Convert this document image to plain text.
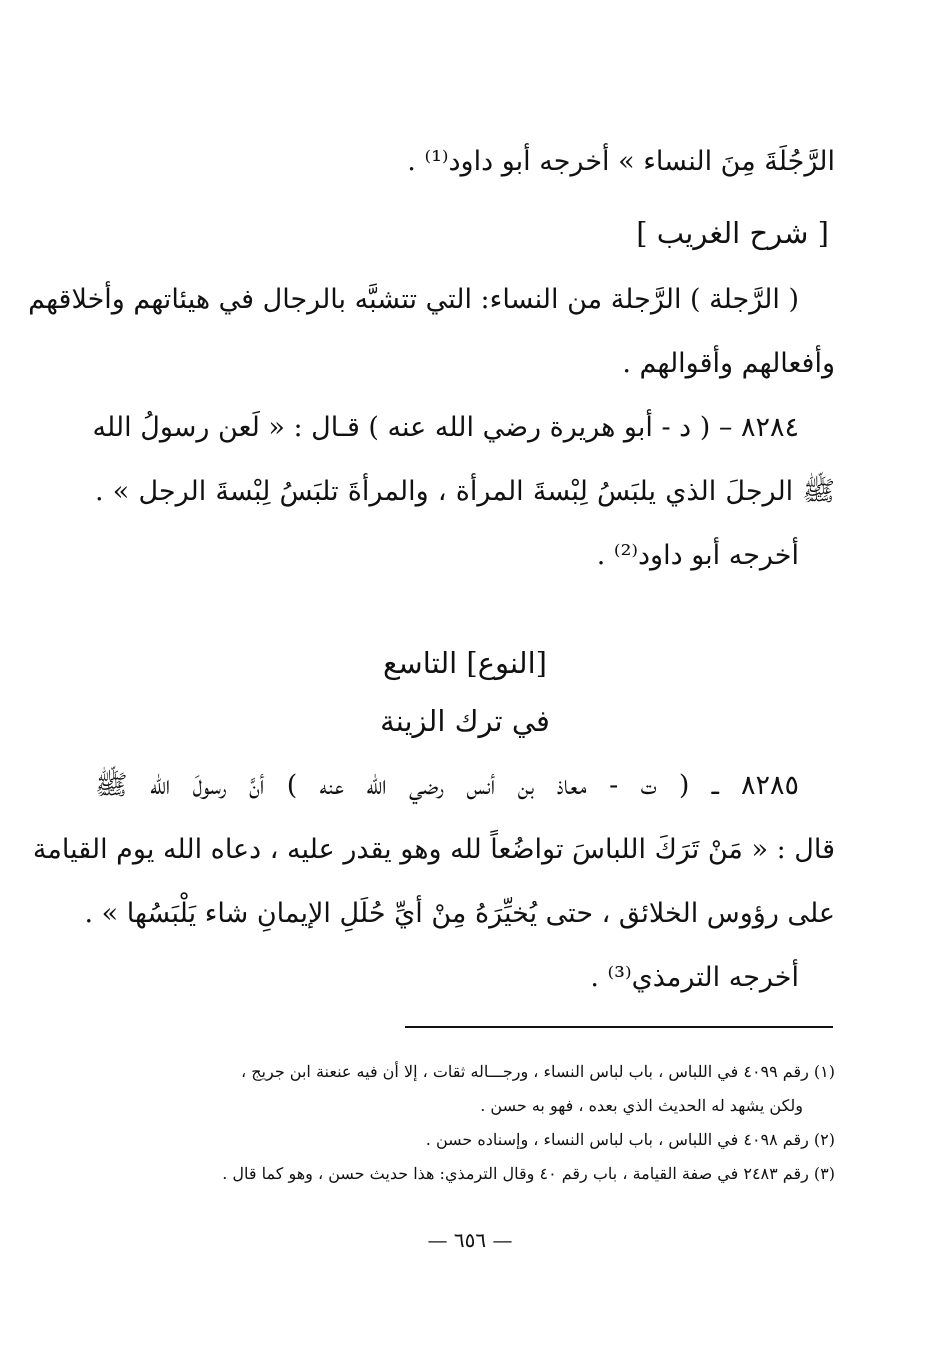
الرَّجُلَةَ مِنَ النساء » أخرجه أبو داود⁽¹⁾ .
[ شرح الغريب ]
( الرَّجلة ) الرَّجلة من النساء: التي تتشبَّه بالرجال في هيئاتهم وأخلاقهم
وأفعالهم وأقوالهم .
٨٢٨٤ – ( د - أبو هريرة رضي الله عنه ) قـال : « لَعن رسولُ الله
ﷺ الرجلَ الذي يلبَسُ لِبْسةَ المرأة ، والمرأةَ تلبَسُ لِبْسةَ الرجل » .
أخرجه أبو داود⁽²⁾ .
[النوع] التاسع
في ترك الزينة
٨٢٨٥ ــ ( ت - معاذ بن أنس رضي الله عنه ) أنَّ رسولَ الله ﷺ
قال : « مَنْ تَرَكَ اللباسَ تواضُعاً لله وهو يقدر عليه ، دعاه الله يوم القيامة
على رؤوس الخلائق ، حتى يُخيِّرَهُ مِنْ أيِّ حُلَلِ الإيمانِ شاء يَلْبَسُها » .
أخرجه الترمذي⁽³⁾ .
(١) رقم ٤٠٩٩ في اللباس ، باب لباس النساء ، ورجـــاله ثقات ، إلا أن فيه عنعنة ابن جريج ،
ولكن يشهد له الحديث الذي بعده ، فهو به حسن .
(٢) رقم ٤٠٩٨ في اللباس ، باب لباس النساء ، وإسناده حسن .
(٣) رقم ٢٤٨٣ في صفة القيامة ، باب رقم ٤٠ وقال الترمذي: هذا حديث حسن ، وهو كما قال .
— ٦٥٦ —
